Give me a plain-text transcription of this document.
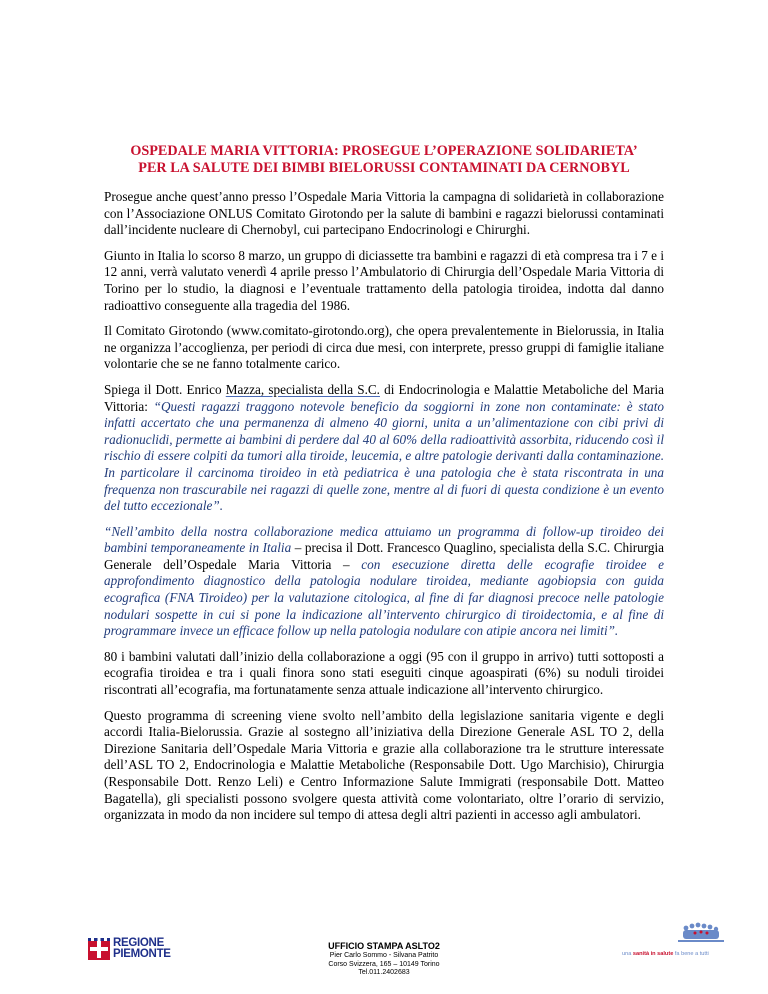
OSPEDALE MARIA VITTORIA: PROSEGUE L’OPERAZIONE SOLIDARIETA’
PER LA SALUTE DEI BIMBI BIELORUSSI CONTAMINATI DA CERNOBYL

Prosegue anche quest’anno presso l’Ospedale Maria Vittoria la campagna di solidarietà in collaborazione con l’Associazione ONLUS Comitato Girotondo per la salute di bambini e ragazzi bielorussi contaminati dall’incidente nucleare di Chernobyl, cui partecipano Endocrinologi e Chirurghi.

Giunto in Italia lo scorso 8 marzo, un gruppo di diciassette tra bambini e ragazzi di età compresa tra i 7 e i 12 anni, verrà valutato venerdì 4 aprile presso l’Ambulatorio di Chirurgia dell’Ospedale Maria Vittoria di Torino per lo studio, la diagnosi e l’eventuale trattamento della patologia tiroidea, indotta dal danno radioattivo conseguente alla tragedia del 1986.

Il Comitato Girotondo (www.comitato-girotondo.org), che opera prevalentemente in Bielorussia, in Italia ne organizza l’accoglienza, per periodi di circa due mesi, con interprete, presso gruppi di famiglie italiane volontarie che se ne fanno totalmente carico.

Spiega il Dott. Enrico Mazza, specialista della S.C. di Endocrinologia e Malattie Metaboliche del Maria Vittoria: “Questi ragazzi traggono notevole beneficio da soggiorni in zone non contaminate: è stato infatti accertato che una permanenza di almeno 40 giorni, unita a un’alimentazione con cibi privi di radionuclidi, permette ai bambini di perdere dal 40 al 60% della radioattività assorbita, riducendo così il rischio di essere colpiti da tumori alla tiroide, leucemia, e altre patologie derivanti dalla contaminazione. In particolare il carcinoma tiroideo in età pediatrica è una patologia che è stata riscontrata in una frequenza non trascurabile nei ragazzi di quelle zone, mentre al di fuori di questa condizione è un evento del tutto eccezionale”.

“Nell’ambito della nostra collaborazione medica attuiamo un programma di follow-up tiroideo dei bambini temporaneamente in Italia – precisa il Dott. Francesco Quaglino, specialista della S.C. Chirurgia Generale dell’Ospedale Maria Vittoria – con esecuzione diretta delle ecografie tiroidee e approfondimento diagnostico della patologia nodulare tiroidea, mediante agobiopsia con guida ecografica (FNA Tiroideo) per la valutazione citologica, al fine di far diagnosi precoce nelle patologie nodulari sospette in cui si pone la indicazione all’intervento chirurgico di tiroidectomia, e al fine di programmare invece un efficace follow up nella patologia nodulare con atipie ancora nei limiti”.

80 i bambini valutati dall’inizio della collaborazione a oggi (95 con il gruppo in arrivo) tutti sottoposti a ecografia tiroidea e tra i quali finora sono stati eseguiti cinque agoaspirati (6%) su noduli tiroidei riscontrati all’ecografia, ma fortunatamente senza attuale indicazione all’intervento chirurgico.

Questo programma di screening viene svolto nell’ambito della legislazione sanitaria vigente e degli accordi Italia-Bielorussia. Grazie al sostegno all’iniziativa della Direzione Generale ASL TO 2, della Direzione Sanitaria dell’Ospedale Maria Vittoria e grazie alla collaborazione tra le strutture interessate dell’ASL TO 2, Endocrinologia e Malattie Metaboliche (Responsabile Dott. Ugo Marchisio), Chirurgia (Responsabile Dott. Renzo Leli) e Centro Informazione Salute Immigrati (responsabile Dott. Matteo Bagatella), gli specialisti possono svolgere questa attività come volontariato, oltre l’orario di servizio, organizzata in modo da non incidere sul tempo di attesa degli altri pazienti in accesso agli ambulatori.

REGIONE
PIEMONTE
UFFICIO STAMPA ASLTO2
Pier Carlo Sommo - Silvana Patrito
Corso Svizzera, 165 – 10149 Torino
Tel.011.2402683
una sanità in salute fa bene a tutti
